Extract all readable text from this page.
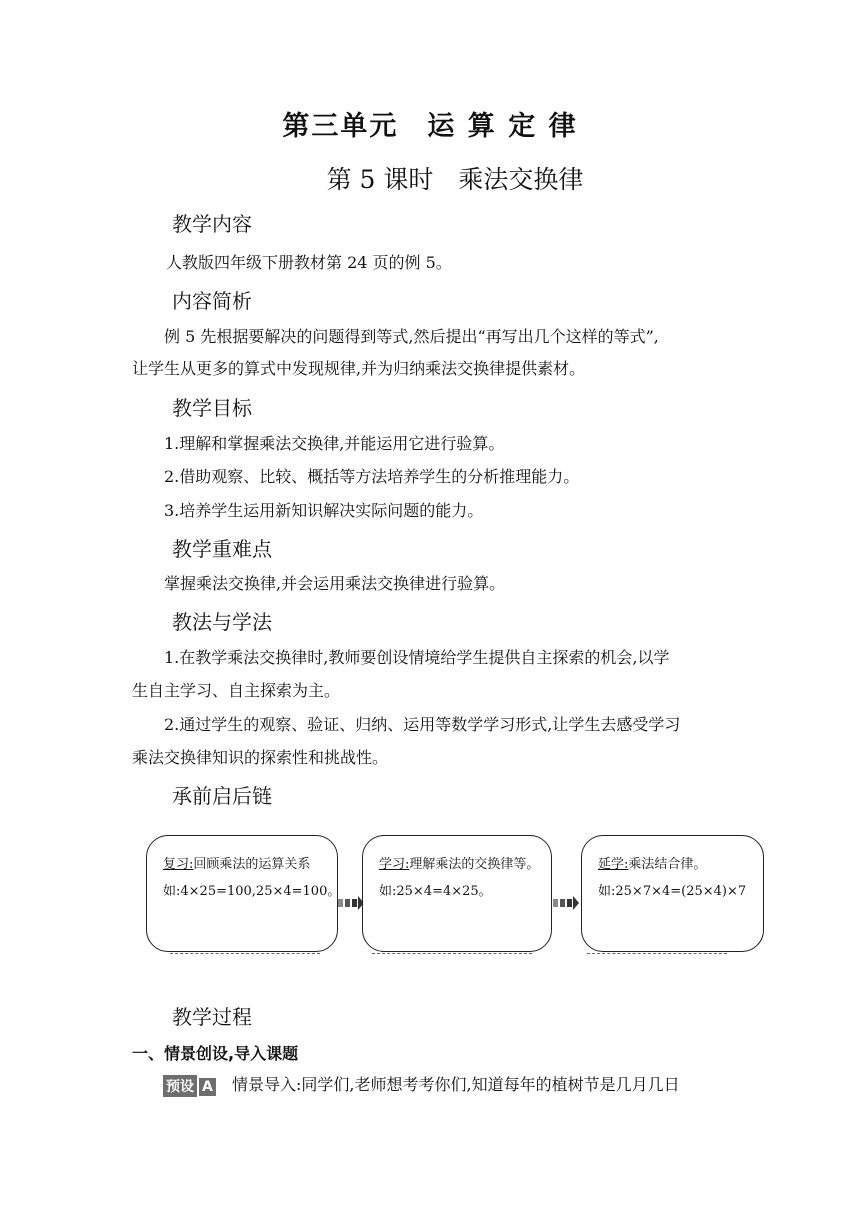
第三单元　运 算 定 律
第 5 课时　乘法交换律
教学内容
人教版四年级下册教材第 24 页的例 5。
内容简析
例 5 先根据要解决的问题得到等式,然后提出“再写出几个这样的等式”,
让学生从更多的算式中发现规律,并为归纳乘法交换律提供素材。
教学目标
1.理解和掌握乘法交换律,并能运用它进行验算。
2.借助观察、比较、概括等方法培养学生的分析推理能力。
3.培养学生运用新知识解决实际问题的能力。
教学重难点
掌握乘法交换律,并会运用乘法交换律进行验算。
教法与学法
1.在教学乘法交换律时,教师要创设情境给学生提供自主探索的机会,以学
生自主学习、自主探索为主。
2.通过学生的观察、验证、归纳、运用等数学学习形式,让学生去感受学习
乘法交换律知识的探索性和挑战性。
承前启后链
复习:回顾乘法的运算关系
如:4×25=100,25×4=100。
学习:理解乘法的交换律等。
如:25×4=4×25。
延学:乘法结合律。
如:25×7×4=(25×4)×7
教学过程
一、情景创设,导入课题
预设 A 情景导入:同学们,老师想考考你们,知道每年的植树节是几月几日
